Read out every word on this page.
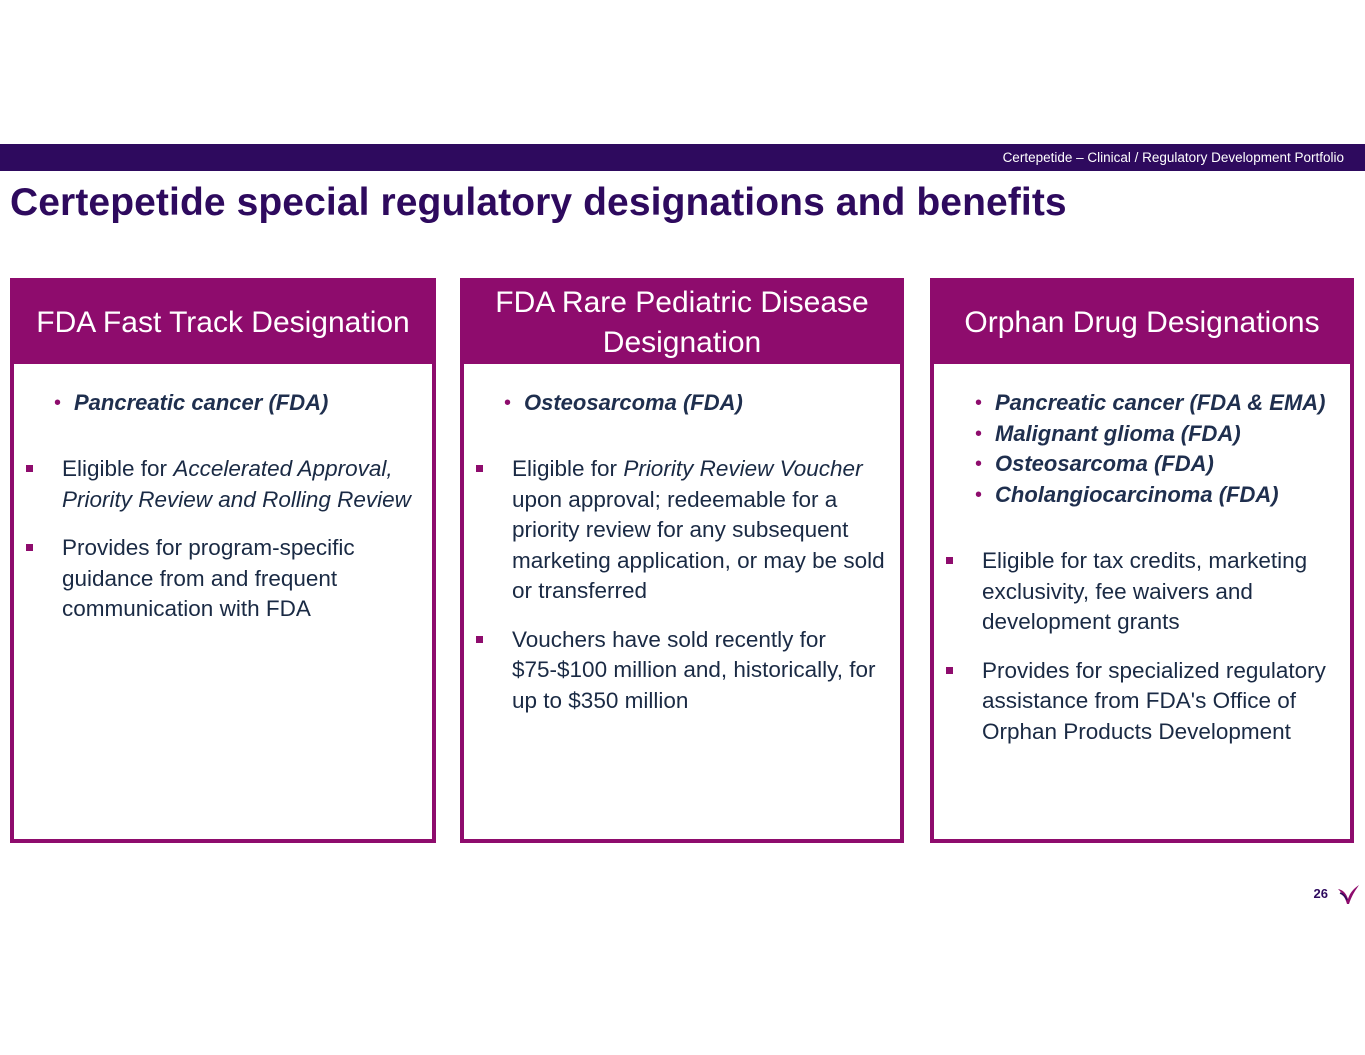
Certepetide – Clinical / Regulatory Development Portfolio
Certepetide special regulatory designations and benefits
FDA Fast Track Designation
• Pancreatic cancer (FDA)
Eligible for Accelerated Approval, Priority Review and Rolling Review
Provides for program-specific guidance from and frequent communication with FDA
FDA Rare Pediatric Disease Designation
• Osteosarcoma (FDA)
Eligible for Priority Review Voucher upon approval; redeemable for a priority review for any subsequent marketing application, or may be sold or transferred
Vouchers have sold recently for $75-$100 million and, historically, for up to $350 million
Orphan Drug Designations
• Pancreatic cancer (FDA & EMA)
• Malignant glioma (FDA)
• Osteosarcoma (FDA)
• Cholangiocarcinoma (FDA)
Eligible for tax credits, marketing exclusivity, fee waivers and development grants
Provides for specialized regulatory assistance from FDA's Office of Orphan Products Development
26
